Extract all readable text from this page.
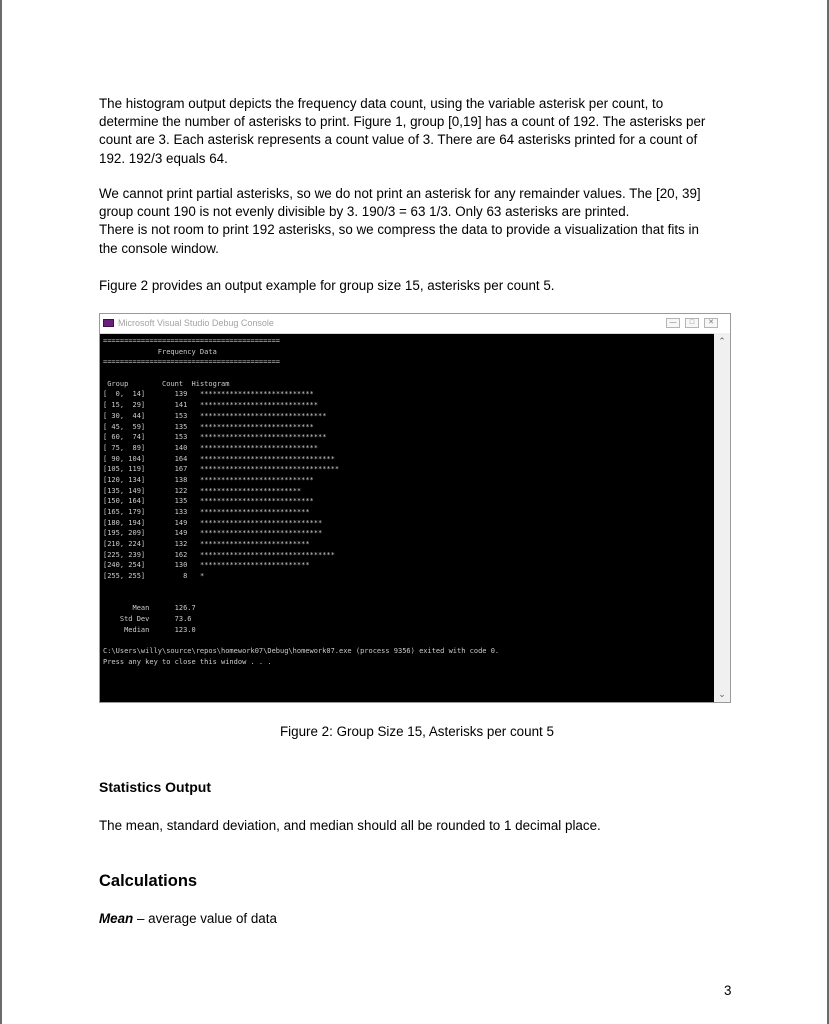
The histogram output depicts the frequency data count, using the variable asterisk per count, to
determine the number of asterisks to print. Figure 1, group [0,19] has a count of 192. The asterisks per
count are 3. Each asterisk represents a count value of 3. There are 64 asterisks printed for a count of
192. 192/3 equals 64.

We cannot print partial asterisks, so we do not print an asterisk for any remainder values. The [20, 39]
group count 190 is not evenly divisible by 3. 190/3 = 63 1/3. Only 63 asterisks are printed.
There is not room to print 192 asterisks, so we compress the data to provide a visualization that fits in
the console window.

Figure 2 provides an output example for group size 15, asterisks per count 5.

Microsoft Visual Studio Debug Console	—	□	✕
==========================================
Frequency Data
==========================================
Group	Count Histogram
[  0,  14]	139 ***************************
[ 15,  29]	141 ****************************
[ 30,  44]	153 ******************************
[ 45,  59]	135 ***************************
[ 60,  74]	153 ******************************
[ 75,  89]	140 ****************************
[ 90, 104]	164 ********************************
[105, 119]	167 *********************************
[120, 134]	138 ***************************
[135, 149]	122 ************************
[150, 164]	135 ***************************
[165, 179]	133 **************************
[180, 194]	149 *****************************
[195, 209]	149 *****************************
[210, 224]	132 **************************
[225, 239]	162 ********************************
[240, 254]	130 **************************
[255, 255]	8 *
Mean	126.7
Std Dev	73.6
Median	123.0
C:\Users\willy\source\repos\homework07\Debug\homework07.exe (process 9356) exited with code 0.
Press any key to close this window . . .
⌃
⌄
Figure 2: Group Size 15, Asterisks per count 5
Statistics Output

The mean, standard deviation, and median should all be rounded to 1 decimal place.

Calculations
Mean – average value of data
3
